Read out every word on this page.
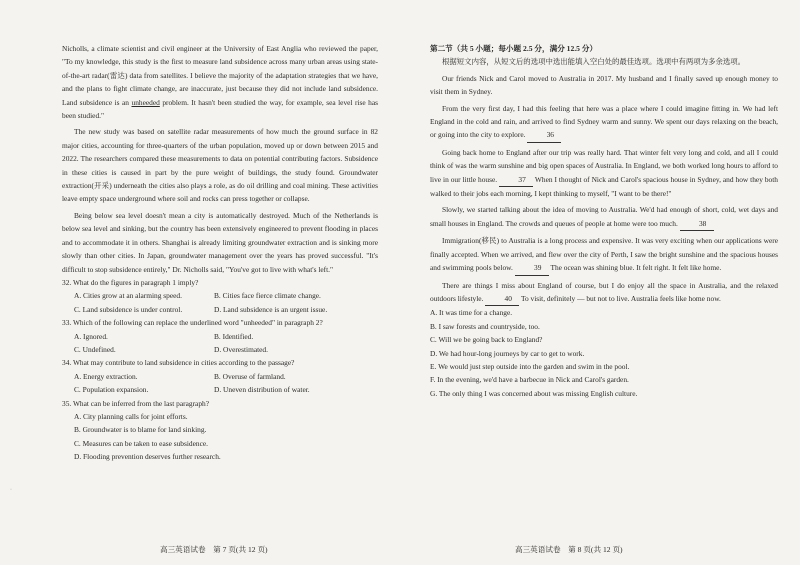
·

Nicholls, a climate scientist and civil engineer at the University of East Anglia who reviewed the paper, "To my knowledge, this study is the first to measure land subsidence across many urban areas using state-of-the-art radar(雷达) data from satellites. I believe the majority of the adaptation strategies that we have, and the plans to fight climate change, are inaccurate, just because they did not include land subsidence. Land subsidence is an unheeded problem. It hasn't been studied the way, for example, sea level rise has been studied."

The new study was based on satellite radar measurements of how much the ground surface in 82 major cities, accounting for three-quarters of the urban population, moved up or down between 2015 and 2022. The researchers compared these measurements to data on potential contributing factors. Subsidence in these cities is caused in part by the pure weight of buildings, the study found. Groundwater extraction(开采) underneath the cities also plays a role, as do oil drilling and coal mining. These activities leave empty space underground where soil and rocks can press together or collapse.

Being below sea level doesn't mean a city is automatically destroyed. Much of the Netherlands is below sea level and sinking, but the country has been extensively engineered to prevent flooding in places and to accommodate it in others. Shanghai is already limiting groundwater extraction and is sinking more slowly than other cities. In Japan, groundwater management over the years has proved successful. "It's difficult to stop subsidence entirely," Dr. Nicholls said, "You've got to live with what's left."

32. What do the figures in paragraph 1 imply?

A. Cities grow at an alarming speed.	B. Cities face fierce climate change.
C. Land subsidence is under control.	D. Land subsidence is an urgent issue.

33. Which of the following can replace the underlined word "unheeded" in paragraph 2?

A. Ignored.	B. Identified.
C. Undefined.	D. Overestimated.

34. What may contribute to land subsidence in cities according to the passage?

A. Energy extraction.	B. Overuse of farmland.
C. Population expansion.	D. Uneven distribution of water.

35. What can be inferred from the last paragraph?

A. City planning calls for joint efforts.
B. Groundwater is to blame for land sinking.
C. Measures can be taken to ease subsidence.
D. Flooding prevention deserves further research.
高三英语试卷　第 7 页(共 12 页)

第二节（共 5 小题；每小题 2.5 分，满分 12.5 分）

根据短文内容，从短文后的选项中选出能填入空白处的最佳选项。选项中有两项为多余选项。

Our friends Nick and Carol moved to Australia in 2017. My husband and I finally saved up enough money to visit them in Sydney.

From the very first day, I had this feeling that here was a place where I could imagine fitting in. We had left England in the cold and rain, and arrived to find Sydney warm and sunny. We spent our days relaxing on the beach, or going into the city to explore.	36

Going back home to England after our trip was really hard. That winter felt very long and cold, and all I could think of was the warm sunshine and big open spaces of Australia. In England, we both worked long hours to afford to live in our little house.	37 When I thought of Nick and Carol's spacious house in Sydney, and how they both walked to their jobs each morning, I kept thinking to myself, "I want to be there!"

Slowly, we started talking about the idea of moving to Australia. We'd had enough of short, cold, wet days and small houses in England. The crowds and queues of people at home were too much.	38

Immigration(移民) to Australia is a long process and expensive. It was very exciting when our applications were finally accepted. When we arrived, and flew over the city of Perth, I saw the bright sunshine and the spacious houses and swimming pools below.	39 The ocean was shining blue. It felt right. It felt like home.

There are things I miss about England of course, but I do enjoy all the space in Australia, and the relaxed outdoors lifestyle.	40 To visit, definitely — but not to live. Australia feels like home now.

A. It was time for a change.
B. I saw forests and countryside, too.
C. Will we be going back to England?
D. We had hour-long journeys by car to get to work.
E. We would just step outside into the garden and swim in the pool.
F. In the evening, we'd have a barbecue in Nick and Carol's garden.
G. The only thing I was concerned about was missing English culture.
高三英语试卷　第 8 页(共 12 页)
